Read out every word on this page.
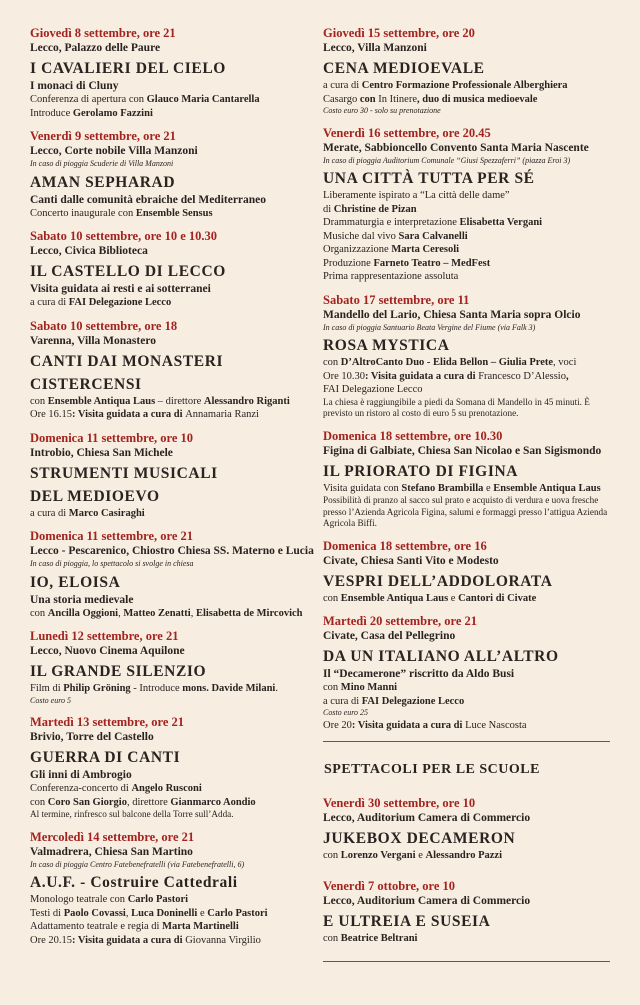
Giovedì 8 settembre, ore 21
Lecco, Palazzo delle Paure
I CAVALIERI DEL CIELO
I monaci di Cluny
Conferenza di apertura con Glauco Maria Cantarella
Introduce Gerolamo Fazzini
Venerdì 9 settembre, ore 21
Lecco, Corte nobile Villa Manzoni
In caso di pioggia Scuderie di Villa Manzoni
AMAN SEPHARAD
Canti dalle comunità ebraiche del Mediterraneo
Concerto inaugurale con Ensemble Sensus
Sabato 10 settembre, ore 10 e 10.30
Lecco, Civica Biblioteca
IL CASTELLO DI LECCO
Visita guidata ai resti e ai sotterranei
a cura di FAI Delegazione Lecco
Sabato 10 settembre, ore 18
Varenna, Villa Monastero
CANTI DAI MONASTERI
CISTERCENSI
con Ensemble Antiqua Laus – direttore Alessandro Riganti
Ore 16.15: Visita guidata a cura di Annamaria Ranzi
Domenica 11 settembre, ore 10
Introbio, Chiesa San Michele
STRUMENTI MUSICALI
DEL MEDIOEVO
a cura di Marco Casiraghi
Domenica 11 settembre, ore 21
Lecco - Pescarenico, Chiostro Chiesa SS. Materno e Lucia
In caso di pioggia, lo spettacolo si svolge in chiesa
IO, ELOISA
Una storia medievale
con Ancilla Oggioni, Matteo Zenatti, Elisabetta de Mircovich
Lunedì 12 settembre, ore 21
Lecco, Nuovo Cinema Aquilone
IL GRANDE SILENZIO
Film di Philip Gröning - Introduce mons. Davide Milani.
Costo euro 5
Martedì 13 settembre, ore 21
Brivio, Torre del Castello
GUERRA DI CANTI
Gli inni di Ambrogio
Conferenza-concerto di Angelo Rusconi
con Coro San Giorgio, direttore Gianmarco Aondio
Al termine, rinfresco sul balcone della Torre sull’Adda.
Mercoledì 14 settembre, ore 21
Valmadrera, Chiesa San Martino
In caso di pioggia Centro Fatebenefratelli (via Fatebenefratelli, 6)
A.U.F. - Costruire Cattedrali
Monologo teatrale con Carlo Pastori
Testi di Paolo Covassi, Luca Doninelli e Carlo Pastori
Adattamento teatrale e regia di Marta Martinelli
Ore 20.15: Visita guidata a cura di Giovanna Virgilio
Giovedì 15 settembre, ore 20
Lecco, Villa Manzoni
CENA MEDIOEVALE
a cura di Centro Formazione Professionale Alberghiera
Casargo con In Itinere, duo di musica medioevale
Costo euro 30 - solo su prenotazione
Venerdì 16 settembre, ore 20.45
Merate, Sabbioncello Convento Santa Maria Nascente
In caso di pioggia Auditorium Comunale “Giusi Spezzaferri” (piazza Eroi 3)
UNA CITTÀ TUTTA PER SÉ
Liberamente ispirato a “La città delle dame”
di Christine de Pizan
Drammaturgia e interpretazione Elisabetta Vergani
Musiche dal vivo Sara Calvanelli
Organizzazione Marta Ceresoli
Produzione Farneto Teatro – MedFest
Prima rappresentazione assoluta
Sabato 17 settembre, ore 11
Mandello del Lario, Chiesa Santa Maria sopra Olcio
In caso di pioggia Santuario Beata Vergine del Fiume (via Falk 3)
ROSA MYSTICA
con D’AltroCanto Duo - Elida Bellon – Giulia Prete, voci
Ore 10.30: Visita guidata a cura di Francesco D’Alessio,
FAI Delegazione Lecco
La chiesa è raggiungibile a piedi da Somana di Mandello in 45 minuti. È previsto un ristoro al costo di euro 5 su prenotazione.
Domenica 18 settembre, ore 10.30
Figina di Galbiate, Chiesa San Nicolao e San Sigismondo
IL PRIORATO DI FIGINA
Visita guidata con Stefano Brambilla e Ensemble Antiqua Laus
Possibilità di pranzo al sacco sul prato e acquisto di verdura e uova fresche presso l’Azienda Agricola Figina, salumi e formaggi presso l’attigua Azienda Agricola Biffi.
Domenica 18 settembre, ore 16
Civate, Chiesa Santi Vito e Modesto
VESPRI DELL’ADDOLORATA
con Ensemble Antiqua Laus e Cantori di Civate
Martedì 20 settembre, ore 21
Civate, Casa del Pellegrino
DA UN ITALIANO ALL’ALTRO
Il “Decamerone” riscritto da Aldo Busi
con Mino Manni
a cura di FAI Delegazione Lecco
Costo euro 25
Ore 20: Visita guidata a cura di Luce Nascosta
SPETTACOLI PER LE SCUOLE
Venerdì 30 settembre, ore 10
Lecco, Auditorium Camera di Commercio
JUKEBOX DECAMERON
con Lorenzo Vergani e Alessandro Pazzi
Venerdì 7 ottobre, ore 10
Lecco, Auditorium Camera di Commercio
E ULTREIA E SUSEIA
con Beatrice Beltrani
